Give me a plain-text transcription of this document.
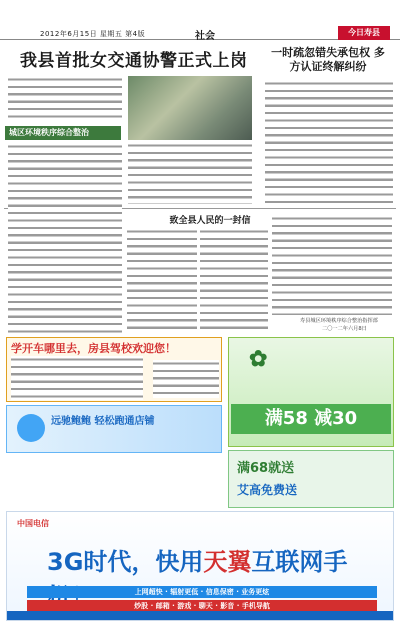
2012年6月15日 星期五 第4版	社会	今日寿县
我县首批女交通协警正式上岗
城区环境秩序综合整治
一时疏忽错失承包权 多方认证终解纠纷
致全县人民的一封信
寿县城区环境秩序综合整治指挥部
二〇一二年六月8日
学开车哪里去，房县驾校欢迎您！	✿
满58 减30
远驰鲍鲍 轻松跑通店铺
满68就送
艾高免费送
中国电信
3G时代，快用天翼互联网手
上网超快 · 辐射更低 · 信息保密 · 业务更炫
炒股 · 邮箱 · 游戏 · 聊天 · 影音 · 手机导航
